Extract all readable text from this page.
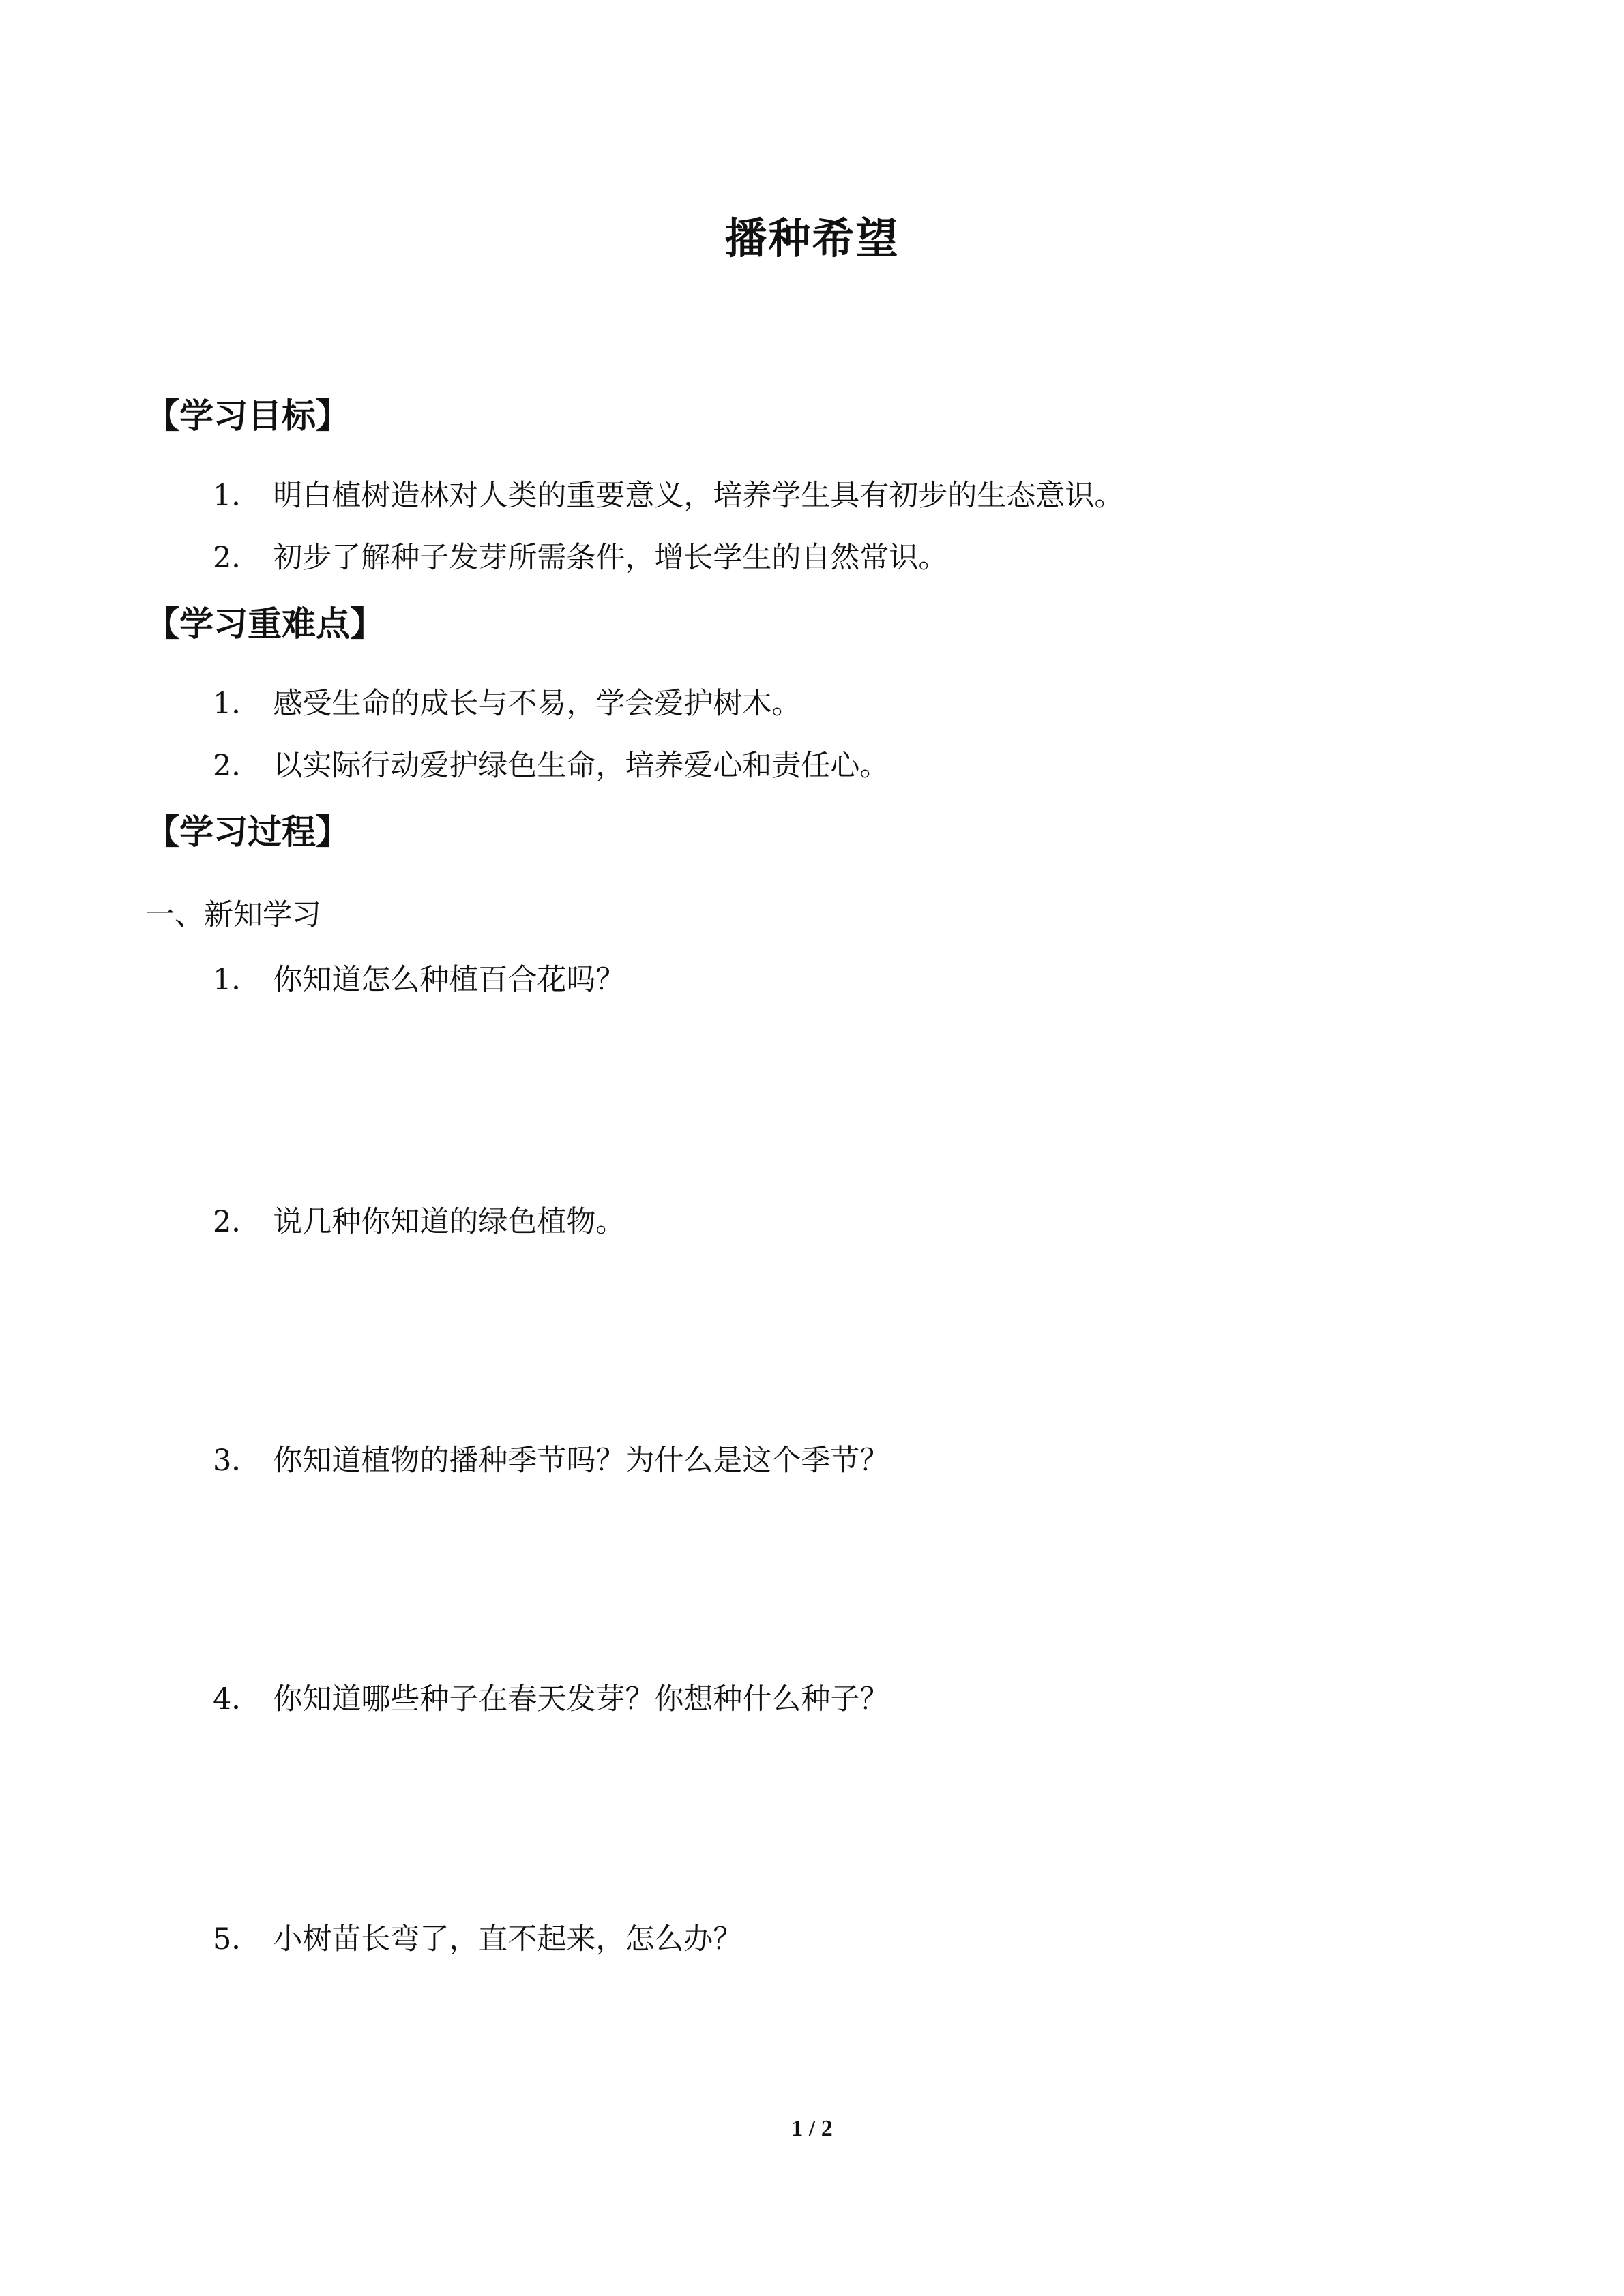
播种希望
【学习目标】
1． 明白植树造林对人类的重要意义，培养学生具有初步的生态意识。
2． 初步了解种子发芽所需条件，增长学生的自然常识。
【学习重难点】
1． 感受生命的成长与不易，学会爱护树木。
2． 以实际行动爱护绿色生命，培养爱心和责任心。
【学习过程】
一、新知学习
1． 你知道怎么种植百合花吗？
2． 说几种你知道的绿色植物。
3． 你知道植物的播种季节吗？为什么是这个季节？
4． 你知道哪些种子在春天发芽？你想种什么种子？
5． 小树苗长弯了，直不起来，怎么办？
1 / 2
